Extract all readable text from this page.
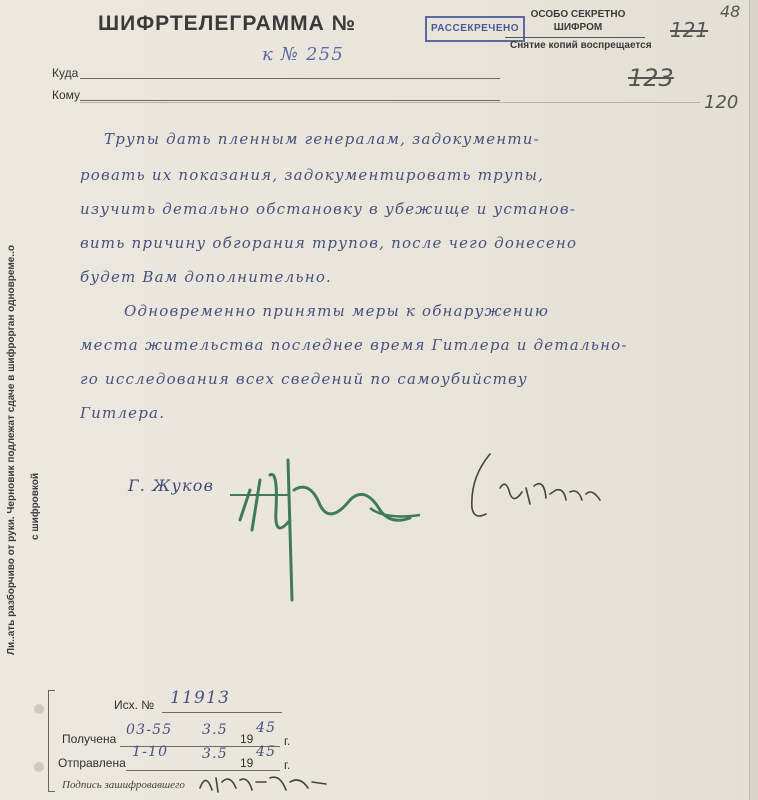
ШИФРТЕЛЕГРАММА №
к № 255
РАССЕКРЕЧЕНО
ОСОБО СЕКРЕТНО
ШИФРОМ
Снятие копий воспрещается
121
48
123
120
Куда
Кому
Трупы дать пленным генералам, задокументи-
ровать их показания, задокументировать трупы,
изучить детально обстановку в убежище и установ-
вить причину обгорания трупов, после чего донесено
будет Вам дополнительно.
Одновременно приняты меры к обнаружению
места жительства последнее время Гитлера и детально-
го исследования всех сведений по самоубийству
Гитлера.
Г. Жуков
Ли..ать разборчиво от руки. Черновик подлежат сдаче в шифрорган одновреме..о с шифровкой
Исх. № 11913
Получена
03-55 3.5
19
45
г.
Отправлена
1-10 3.5
19
45
г.
Подпись зашифровавшего
